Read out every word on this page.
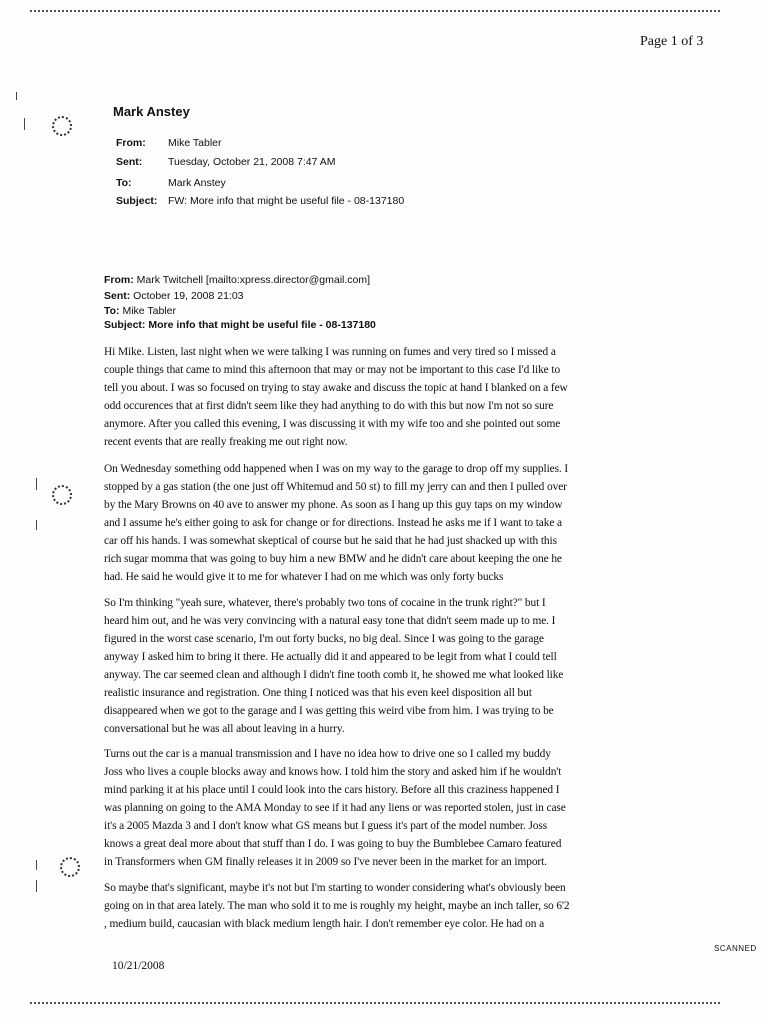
Page 1 of 3
Mark Anstey
From: Mike Tabler
Sent: Tuesday, October 21, 2008 7:47 AM
To:	Mark Anstey
Subject: FW: More info that might be useful file - 08-137180
From: Mark Twitchell [mailto:xpress.director@gmail.com]
Sent: October 19, 2008 21:03
To: Mike Tabler
Subject: More info that might be useful file - 08-137180
Hi Mike. Listen, last night when we were talking I was running on fumes and very tired so I missed a
couple things that came to mind this afternoon that may or may not be important to this case I'd like to
tell you about. I was so focused on trying to stay awake and discuss the topic at hand I blanked on a few
odd occurences that at first didn't seem like they had anything to do with this but now I'm not so sure
anymore. After you called this evening, I was discussing it with my wife too and she pointed out some
recent events that are really freaking me out right now.
On Wednesday something odd happened when I was on my way to the garage to drop off my supplies. I
stopped by a gas station (the one just off Whitemud and 50 st) to fill my jerry can and then I pulled over
by the Mary Browns on 40 ave to answer my phone. As soon as I hang up this guy taps on my window
and I assume he's either going to ask for change or for directions. Instead he asks me if I want to take a
car off his hands. I was somewhat skeptical of course but he said that he had just shacked up with this
rich sugar momma that was going to buy him a new BMW and he didn't care about keeping the one he
had. He said he would give it to me for whatever I had on me which was only forty bucks
So I'm thinking "yeah sure, whatever, there's probably two tons of cocaine in the trunk right?" but I
heard him out, and he was very convincing with a natural easy tone that didn't seem made up to me. I
figured in the worst case scenario, I'm out forty bucks, no big deal. Since I was going to the garage
anyway I asked him to bring it there. He actually did it and appeared to be legit from what I could tell
anyway. The car seemed clean and although I didn't fine tooth comb it, he showed me what looked like
realistic insurance and registration. One thing I noticed was that his even keel disposition all but
disappeared when we got to the garage and I was getting this weird vibe from him. I was trying to be
conversational but he was all about leaving in a hurry.
Turns out the car is a manual transmission and I have no idea how to drive one so I called my buddy
Joss who lives a couple blocks away and knows how. I told him the story and asked him if he wouldn't
mind parking it at his place until I could look into the cars history. Before all this craziness happened I
was planning on going to the AMA Monday to see if it had any liens or was reported stolen, just in case
it's a 2005 Mazda 3 and I don't know what GS means but I guess it's part of the model number. Joss
knows a great deal more about that stuff than I do. I was going to buy the Bumblebee Camaro featured
in Transformers when GM finally releases it in 2009 so I've never been in the market for an import.
So maybe that's significant, maybe it's not but I'm starting to wonder considering what's obviously been
going on in that area lately. The man who sold it to me is roughly my height, maybe an inch taller, so 6'2
, medium build, caucasian with black medium length hair. I don't remember eye color. He had on a
SCANNED
10/21/2008
